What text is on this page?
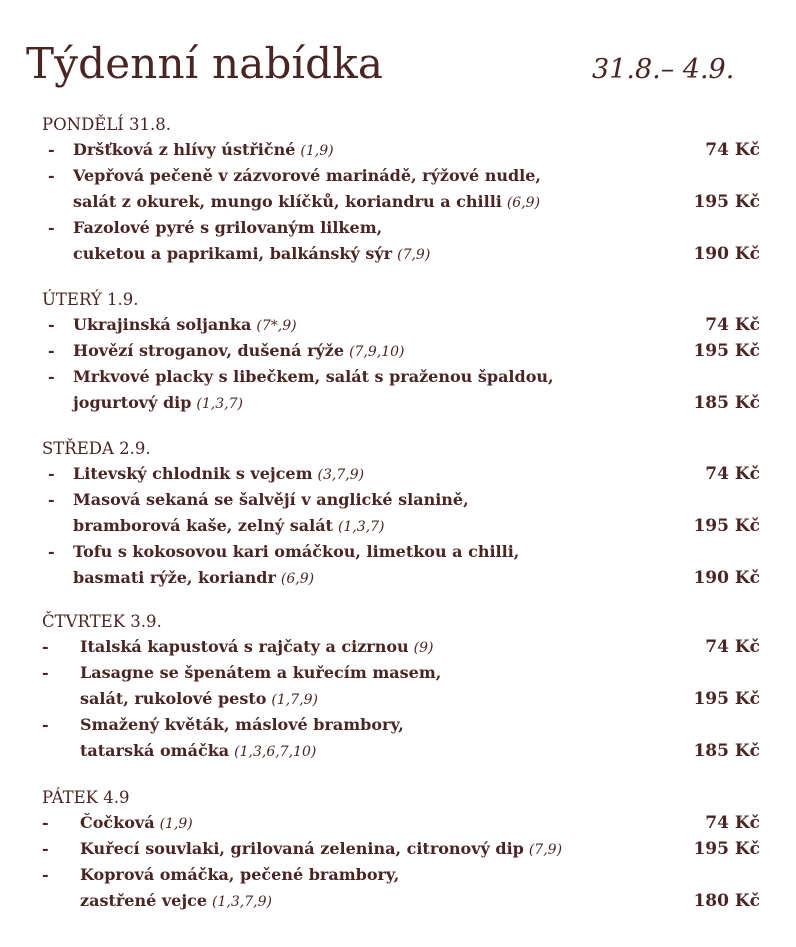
Týdenní nabídka	31.8.– 4.9.
PONDĚLÍ 31.8.
- Dršťková z hlívy ústřičné (1,9)	74 Kč
- Vepřová pečeně v zázvorové marinádě, rýžové nudle,
salát z okurek, mungo klíčků, koriandru a chilli (6,9)	195 Kč
- Fazolové pyré s grilovaným lilkem,
cuketou a paprikami, balkánský sýr (7,9)	190 Kč
ÚTERÝ 1.9.
- Ukrajinská soljanka (7*,9)	74 Kč
- Hovězí stroganov, dušená rýže (7,9,10)	195 Kč
- Mrkvové placky s libečkem, salát s praženou špaldou,
jogurtový dip (1,3,7)	185 Kč
STŘEDA 2.9.
- Litevský chlodnik s vejcem (3,7,9)	74 Kč
- Masová sekaná se šalvějí v anglické slanině,
bramborová kaše, zelný salát (1,3,7)	195 Kč
- Tofu s kokosovou kari omáčkou, limetkou a chilli,
basmati rýže, koriandr (6,9)	190 Kč
ČTVRTEK 3.9.
- Italská kapustová s rajčaty a cizrnou (9)	74 Kč
- Lasagne se špenátem a kuřecím masem,
salát, rukolové pesto (1,7,9)	195 Kč
- Smažený květák, máslové brambory,
tatarská omáčka (1,3,6,7,10)	185 Kč
PÁTEK 4.9
- Čočková (1,9)	74 Kč
- Kuřecí souvlaki, grilovaná zelenina, citronový dip (7,9)	195 Kč
- Koprová omáčka, pečené brambory,
zastřené vejce (1,3,7,9)	180 Kč
